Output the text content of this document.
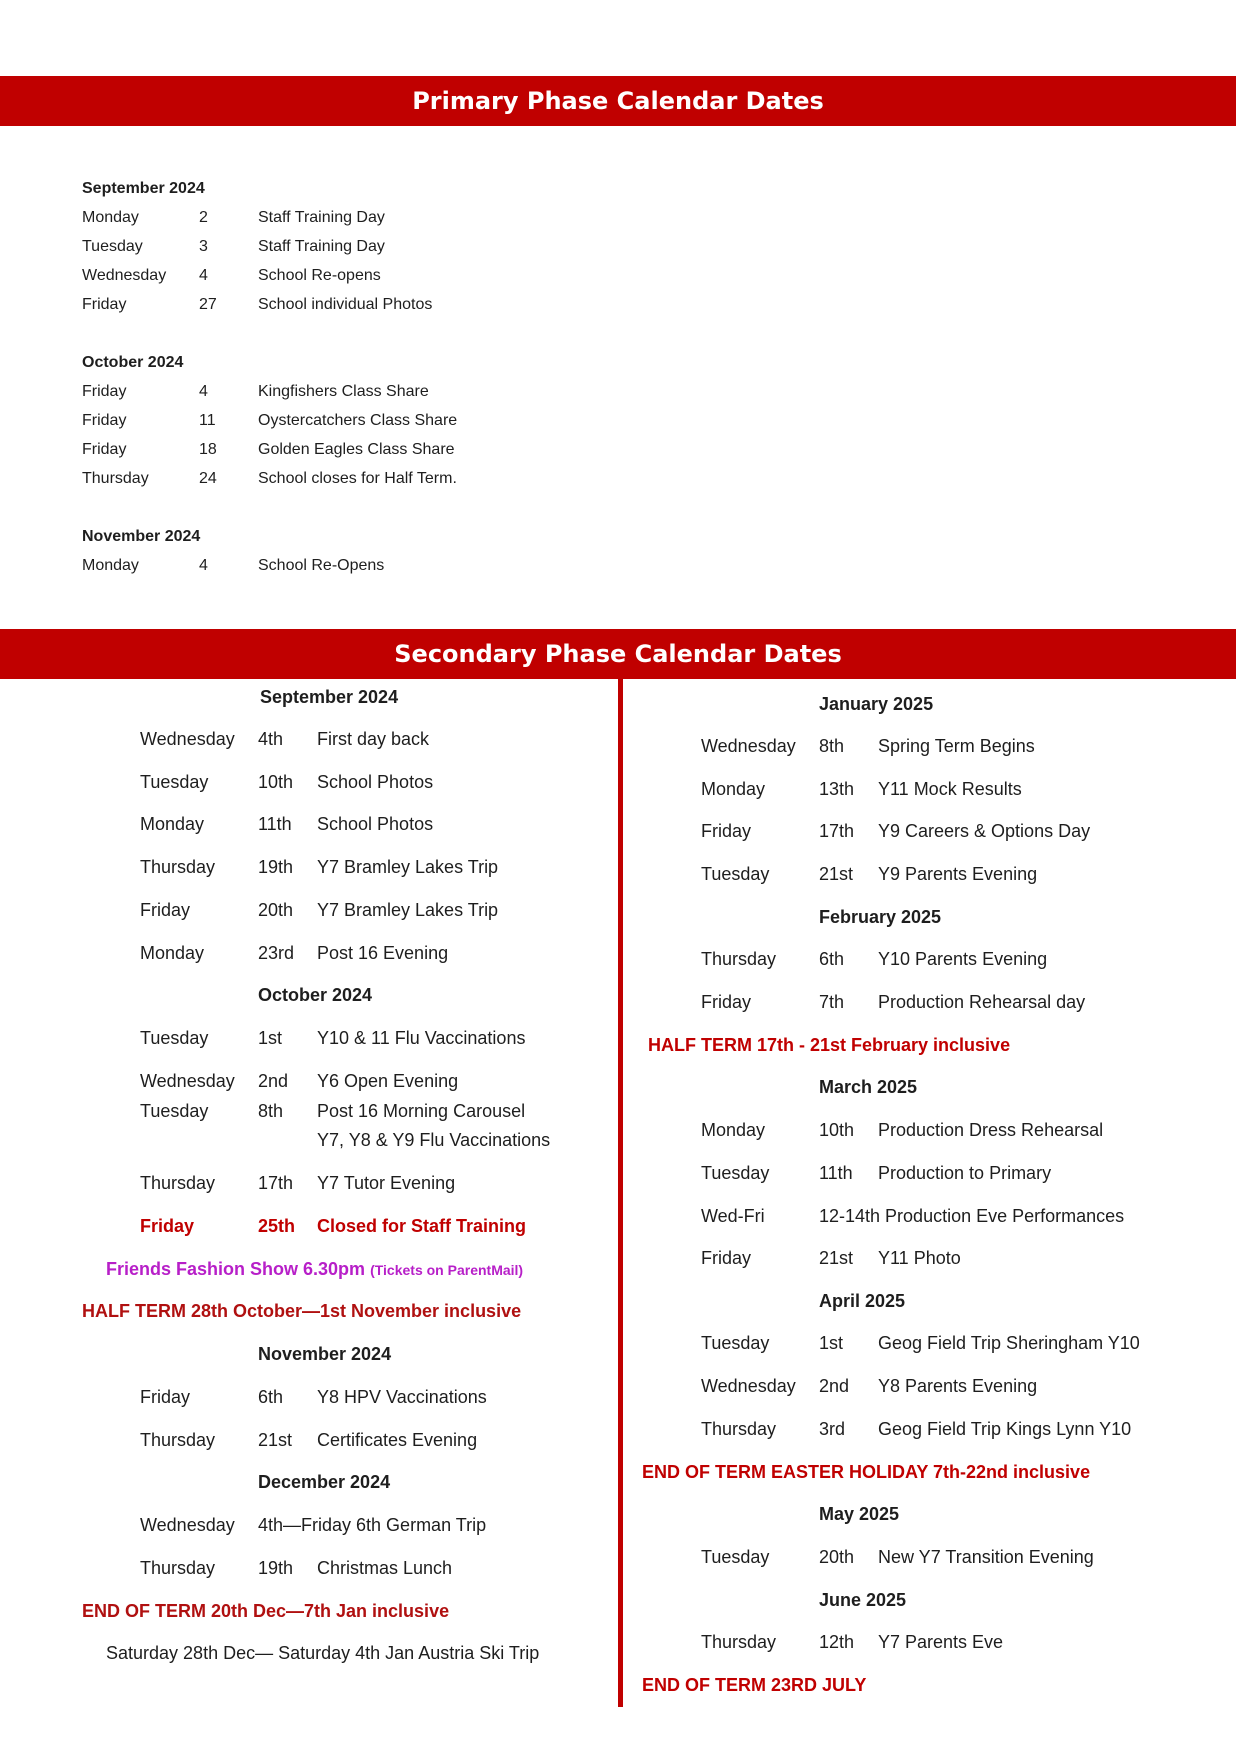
Primary Phase Calendar Dates
September 2024
Monday	2	Staff Training Day
Tuesday	3	Staff Training Day
Wednesday 4	School Re-opens
Friday	27	School individual Photos
October 2024
Friday	4	Kingfishers Class Share
Friday	11	Oystercatchers Class Share
Friday	18	Golden Eagles Class Share
Thursday	24	School closes for Half Term.
November 2024
Monday	4	School Re-Opens
Secondary Phase Calendar Dates
September 2024
Wednesday 4th First day back
Tuesday	10th School Photos
Monday	11th School Photos
Thursday 19th Y7 Bramley Lakes Trip
Friday	20th Y7 Bramley Lakes Trip
Monday	23rd Post 16 Evening
October 2024
Tuesday	1st Y10 & 11 Flu Vaccinations
Wednesday 2nd Y6 Open Evening
Tuesday	8th Post 16 Morning Carousel
Y7, Y8 & Y9 Flu Vaccinations
Thursday 17th Y7 Tutor Evening
Friday	25th Closed for Staff Training
Friends Fashion Show 6.30pm (Tickets on ParentMail)
HALF TERM 28th October—1st November inclusive
November 2024
Friday	6th Y8 HPV Vaccinations
Thursday 21st Certificates Evening
December 2024
Wednesday 4th—Friday 6th German Trip
Thursday 19th Christmas Lunch
END OF TERM 20th Dec—7th Jan inclusive
Saturday 28th Dec— Saturday 4th Jan Austria Ski Trip
January 2025
Wednesday 8th Spring Term Begins
Monday	13th Y11 Mock Results
Friday	17th Y9 Careers & Options Day
Tuesday	21st Y9 Parents Evening
February 2025
Thursday 6th Y10 Parents Evening
Friday	7th Production Rehearsal day
HALF TERM 17th - 21st February inclusive
March 2025
Monday	10th Production Dress Rehearsal
Tuesday	11th Production to Primary
Wed-Fri	12-14th Production Eve Performances
Friday	21st Y11 Photo
April 2025
Tuesday	1st Geog Field Trip Sheringham Y10
Wednesday 2nd Y8 Parents Evening
Thursday 3rd Geog Field Trip Kings Lynn Y10
END OF TERM EASTER HOLIDAY 7th-22nd inclusive
May 2025
Tuesday	20th New Y7 Transition Evening
June 2025
Thursday 12th Y7 Parents Eve
END OF TERM 23RD JULY
